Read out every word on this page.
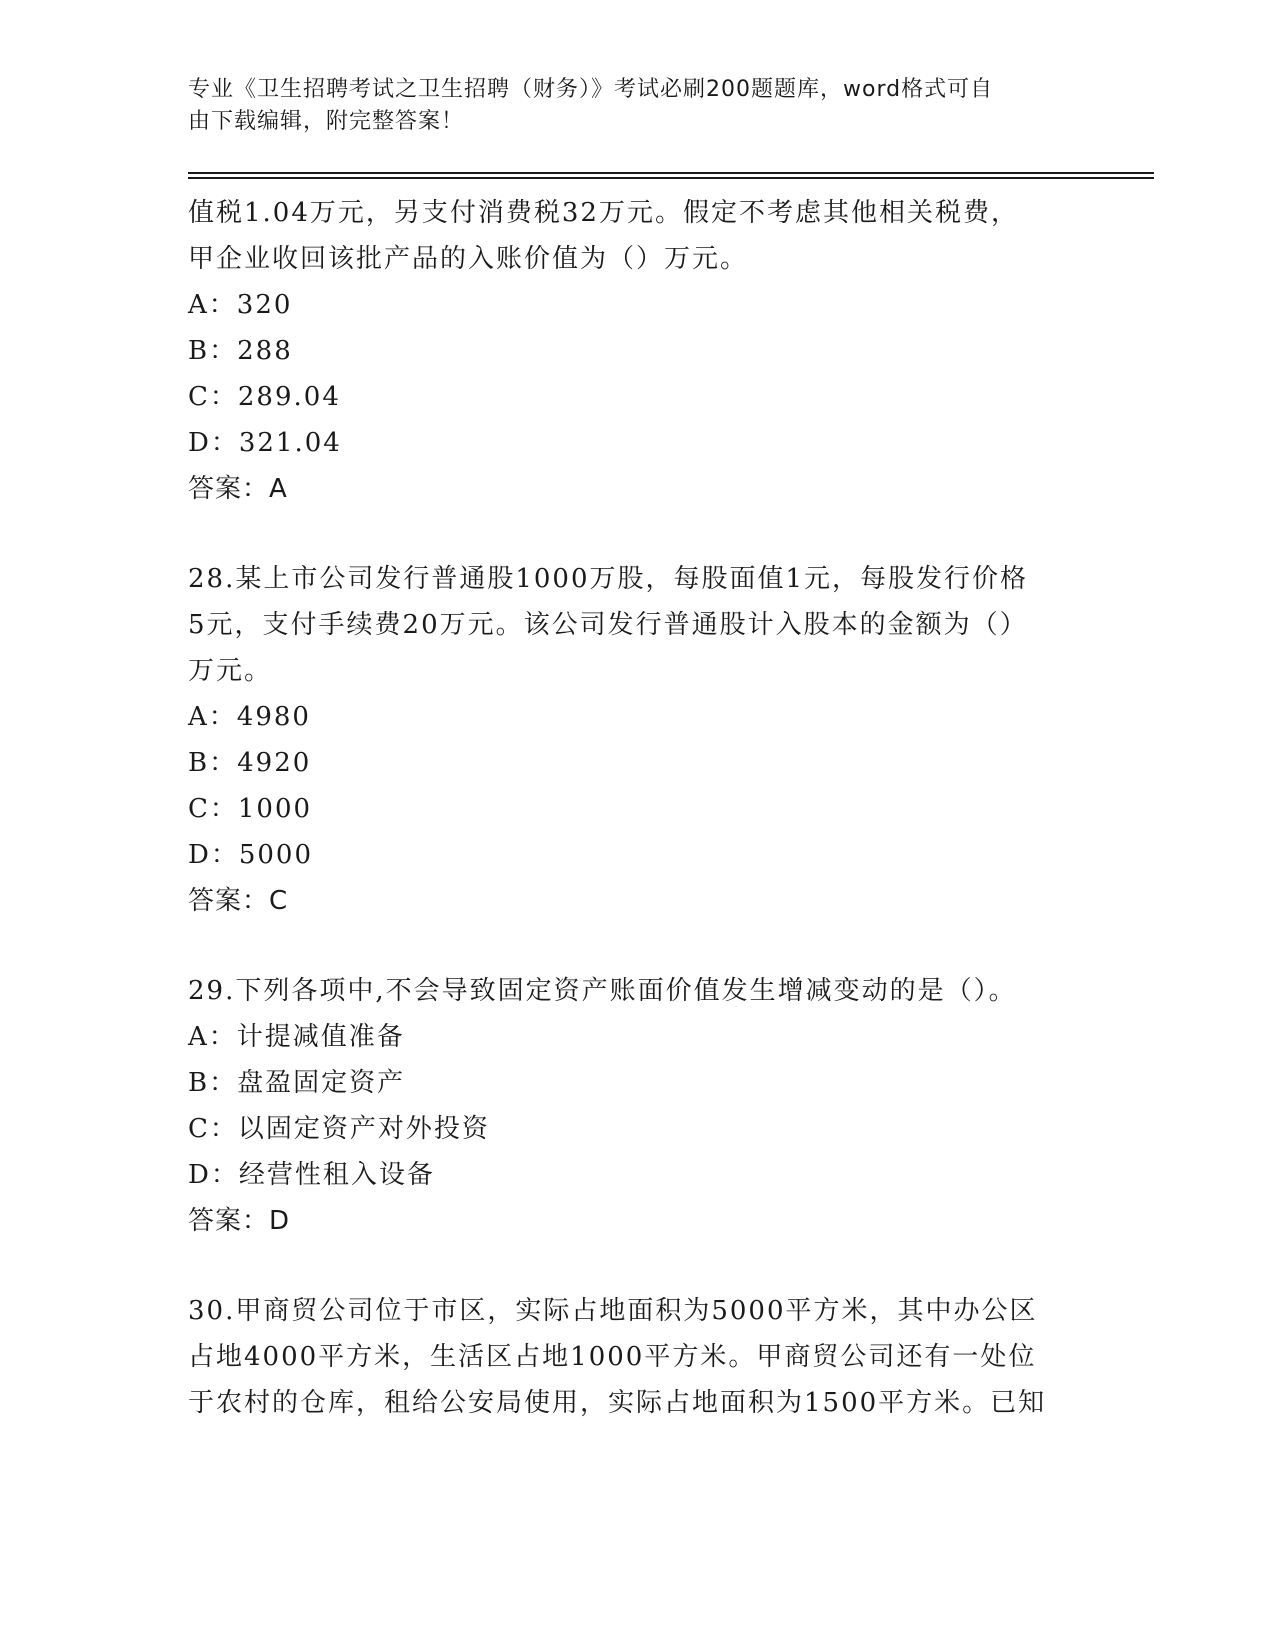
专业《卫生招聘考试之卫生招聘（财务）》考试必刷200题题库，word格式可自
由下载编辑，附完整答案！
值税1.04万元，另支付消费税32万元。假定不考虑其他相关税费，
甲企业收回该批产品的入账价值为（）万元。
A：320
B：288
C：289.04
D：321.04
答案：A
28.某上市公司发行普通股1000万股，每股面值1元，每股发行价格
5元，支付手续费20万元。该公司发行普通股计入股本的金额为（）
万元。
A：4980
B：4920
C：1000
D：5000
答案：C
29.下列各项中,不会导致固定资产账面价值发生增减变动的是（）。
A：计提减值准备
B：盘盈固定资产
C：以固定资产对外投资
D：经营性租入设备
答案：D
30.甲商贸公司位于市区，实际占地面积为5000平方米，其中办公区
占地4000平方米，生活区占地1000平方米。甲商贸公司还有一处位
于农村的仓库，租给公安局使用，实际占地面积为1500平方米。已知
